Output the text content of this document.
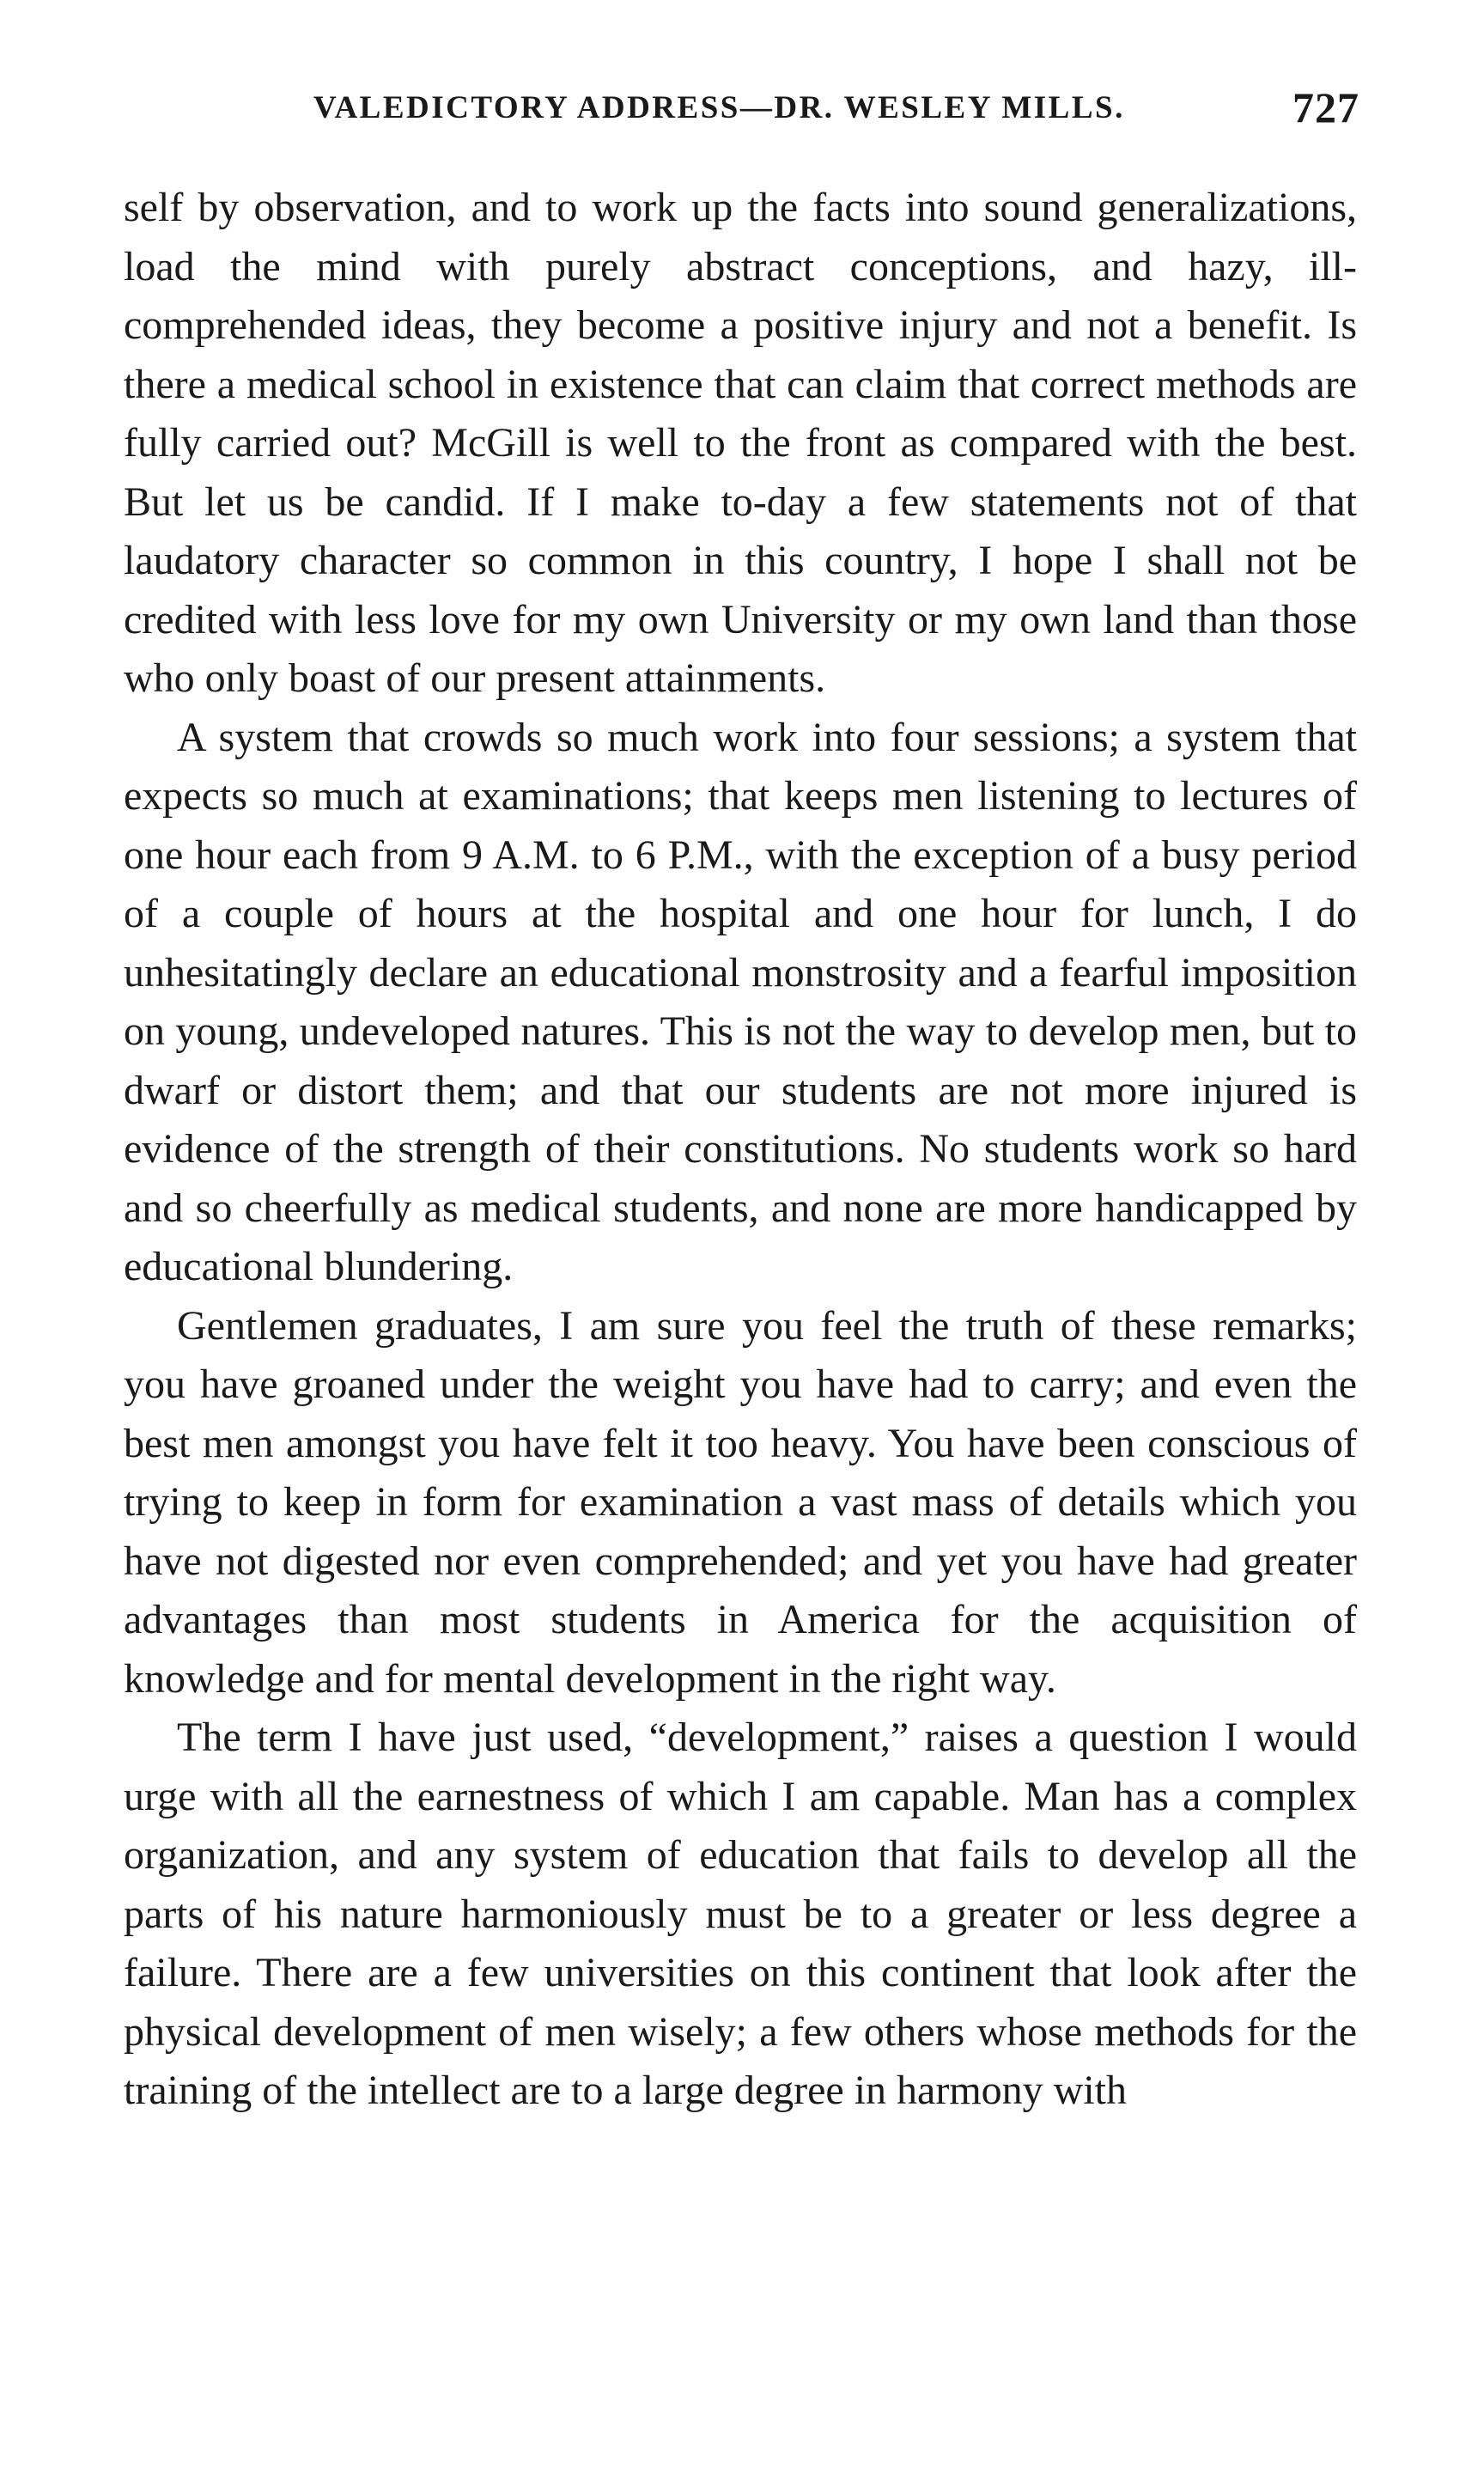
VALEDICTORY ADDRESS—DR. WESLEY MILLS.	727

self by observation, and to work up the facts into sound generalizations, load the mind with purely abstract conceptions, and hazy, ill-comprehended ideas, they become a positive injury and not a benefit. Is there a medical school in existence that can claim that correct methods are fully carried out? McGill is well to the front as compared with the best. But let us be candid. If I make to-day a few statements not of that laudatory character so common in this country, I hope I shall not be credited with less love for my own University or my own land than those who only boast of our present attainments.

A system that crowds so much work into four sessions; a system that expects so much at examinations; that keeps men listening to lectures of one hour each from 9 A.M. to 6 P.M., with the exception of a busy period of a couple of hours at the hospital and one hour for lunch, I do unhesitatingly declare an educational monstrosity and a fearful imposition on young, undeveloped natures. This is not the way to develop men, but to dwarf or distort them; and that our students are not more injured is evidence of the strength of their constitutions. No students work so hard and so cheerfully as medical students, and none are more handicapped by educational blundering.

Gentlemen graduates, I am sure you feel the truth of these remarks; you have groaned under the weight you have had to carry; and even the best men amongst you have felt it too heavy. You have been conscious of trying to keep in form for examination a vast mass of details which you have not digested nor even comprehended; and yet you have had greater advantages than most students in America for the acquisition of knowledge and for mental development in the right way.

The term I have just used, “development,” raises a question I would urge with all the earnestness of which I am capable. Man has a complex organization, and any system of education that fails to develop all the parts of his nature harmoniously must be to a greater or less degree a failure. There are a few universities on this continent that look after the physical development of men wisely; a few others whose methods for the training of the intellect are to a large degree in harmony with
